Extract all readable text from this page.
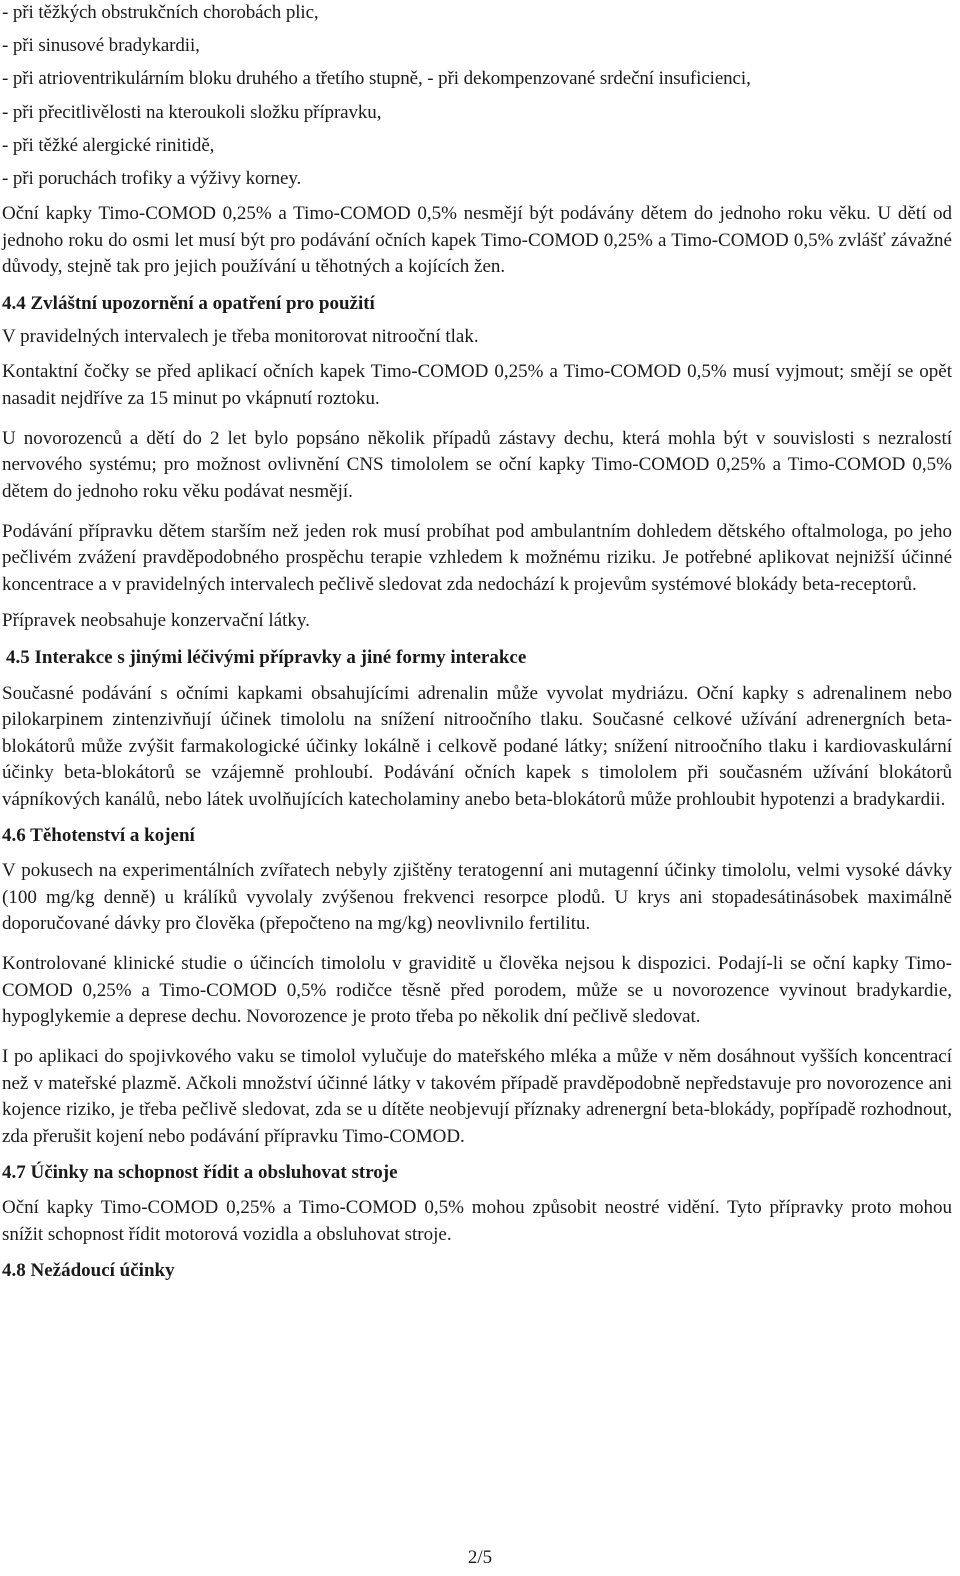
- při těžkých obstrukčních chorobách plic,
- při sinusové bradykardii,
- při atrioventrikulárním bloku druhého a třetího stupně, - při dekompenzované srdeční insuficienci,
- při přecitlivělosti na kteroukoli složku přípravku,
- při těžké alergické rinitidě,
- při poruchách trofiky a výživy korney.

Oční kapky Timo-COMOD 0,25% a Timo-COMOD 0,5% nesmějí být podávány dětem do jednoho roku věku. U dětí od jednoho roku do osmi let musí být pro podávání očních kapek Timo-COMOD 0,25% a Timo-COMOD 0,5% zvlášť závažné důvody, stejně tak pro jejich používání u těhotných a kojících žen.

4.4 Zvláštní upozornění a opatření pro použití

V pravidelných intervalech je třeba monitorovat nitrooční tlak.

Kontaktní čočky se před aplikací očních kapek Timo-COMOD 0,25% a Timo-COMOD 0,5% musí vyjmout; smějí se opět nasadit nejdříve za 15 minut po vkápnutí roztoku.

U novorozenců a dětí do 2 let bylo popsáno několik případů zástavy dechu, která mohla být v souvislosti s nezralostí nervového systému; pro možnost ovlivnění CNS timololem se oční kapky Timo-COMOD 0,25% a Timo-COMOD 0,5% dětem do jednoho roku věku podávat nesmějí.

Podávání přípravku dětem starším než jeden rok musí probíhat pod ambulantním dohledem dětského oftalmologa, po jeho pečlivém zvážení pravděpodobného prospěchu terapie vzhledem k možnému riziku. Je potřebné aplikovat nejnižší účinné koncentrace a v pravidelných intervalech pečlivě sledovat zda nedochází k projevům systémové blokády beta-receptorů.

Přípravek neobsahuje konzervační látky.

4.5 Interakce s jinými léčivými přípravky a jiné formy interakce

Současné podávání s očními kapkami obsahujícími adrenalin může vyvolat mydriázu. Oční kapky s adrenalinem nebo pilokarpinem zintenzivňují účinek timololu na snížení nitroočního tlaku. Současné celkové užívání adrenergních beta-blokátorů může zvýšit farmakologické účinky lokálně i celkově podané látky; snížení nitroočního tlaku i kardiovaskulární účinky beta-blokátorů se vzájemně prohloubí. Podávání očních kapek s timololem při současném užívání blokátorů vápníkových kanálů, nebo látek uvolňujících katecholaminy anebo beta-blokátorů může prohloubit hypotenzi a bradykardii.

4.6 Těhotenství a kojení

V pokusech na experimentálních zvířatech nebyly zjištěny teratogenní ani mutagenní účinky timololu, velmi vysoké dávky (100 mg/kg denně) u králíků vyvolaly zvýšenou frekvenci resorpce plodů. U krys ani stopadesátinásobek maximálně doporučované dávky pro člověka (přepočteno na mg/kg) neovlivnilo fertilitu.

Kontrolované klinické studie o účincích timololu v graviditě u člověka nejsou k dispozici. Podají-li se oční kapky Timo-COMOD 0,25% a Timo-COMOD 0,5% rodičce těsně před porodem, může se u novorozence vyvinout bradykardie, hypoglykemie a deprese dechu. Novorozence je proto třeba po několik dní pečlivě sledovat.

I po aplikaci do spojivkového vaku se timolol vylučuje do mateřského mléka a může v něm dosáhnout vyšších koncentrací než v mateřské plazmě. Ačkoli množství účinné látky v takovém případě pravděpodobně nepředstavuje pro novorozence ani kojence riziko, je třeba pečlivě sledovat, zda se u dítěte neobjevují příznaky adrenergní beta-blokády, popřípadě rozhodnout, zda přerušit kojení nebo podávání přípravku Timo-COMOD.

4.7 Účinky na schopnost řídit a obsluhovat stroje

Oční kapky Timo-COMOD 0,25% a Timo-COMOD 0,5% mohou způsobit neostré vidění. Tyto přípravky proto mohou snížit schopnost řídit motorová vozidla a obsluhovat stroje.

4.8 Nežádoucí účinky
2/5
